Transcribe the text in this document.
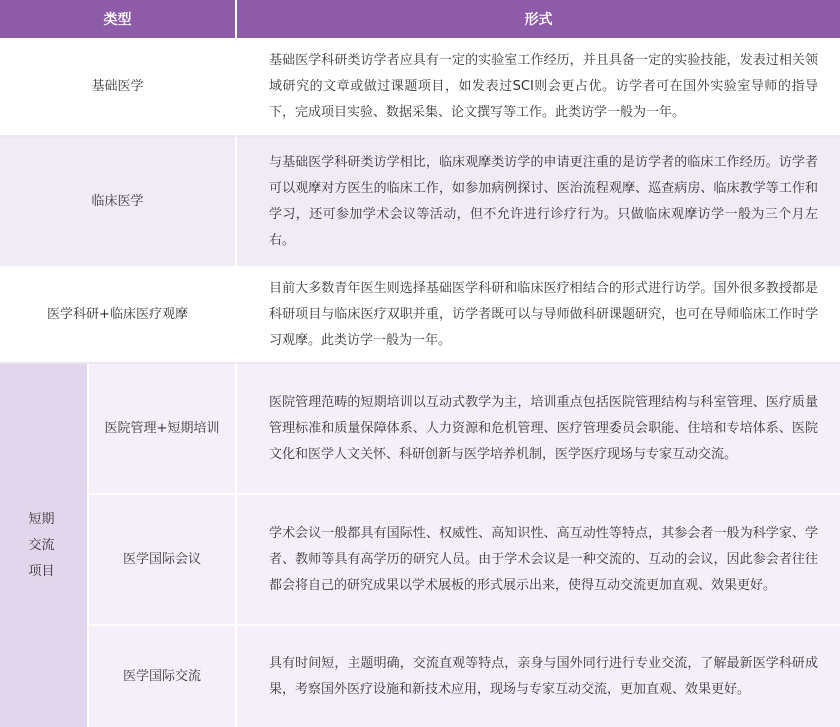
类型	形式
基础医学
基础医学科研类访学者应具有一定的实验室工作经历，并且具备一定的实验技能，发表过相关领域研究的文章或做过课题项目，如发表过SCI则会更占优。访学者可在国外实验室导师的指导下，完成项目实验、数据采集、论文撰写等工作。此类访学一般为一年。
临床医学
与基础医学科研类访学相比，临床观摩类访学的申请更注重的是访学者的临床工作经历。访学者可以观摩对方医生的临床工作，如参加病例探讨、医治流程观摩、巡查病房、临床教学等工作和学习，还可参加学术会议等活动，但不允许进行诊疗行为。只做临床观摩访学一般为三个月左右。
医学科研+临床医疗观摩
目前大多数青年医生则选择基础医学科研和临床医疗相结合的形式进行访学。国外很多教授都是科研项目与临床医疗双职并重，访学者既可以与导师做科研课题研究，也可在导师临床工作时学习观摩。此类访学一般为一年。
短期
交流
项目
医院管理+短期培训
医院管理范畴的短期培训以互动式教学为主，培训重点包括医院管理结构与科室管理、医疗质量管理标准和质量保障体系、人力资源和危机管理、医疗管理委员会职能、住培和专培体系、医院文化和医学人文关怀、科研创新与医学培养机制，医学医疗现场与专家互动交流。
医学国际会议
学术会议一般都具有国际性、权威性、高知识性、高互动性等特点，其参会者一般为科学家、学者、教师等具有高学历的研究人员。由于学术会议是一种交流的、互动的会议，因此参会者往往都会将自己的研究成果以学术展板的形式展示出来，使得互动交流更加直观、效果更好。
医学国际交流
具有时间短，主题明确，交流直观等特点，亲身与国外同行进行专业交流，了解最新医学科研成果，考察国外医疗设施和新技术应用，现场与专家互动交流，更加直观、效果更好。
